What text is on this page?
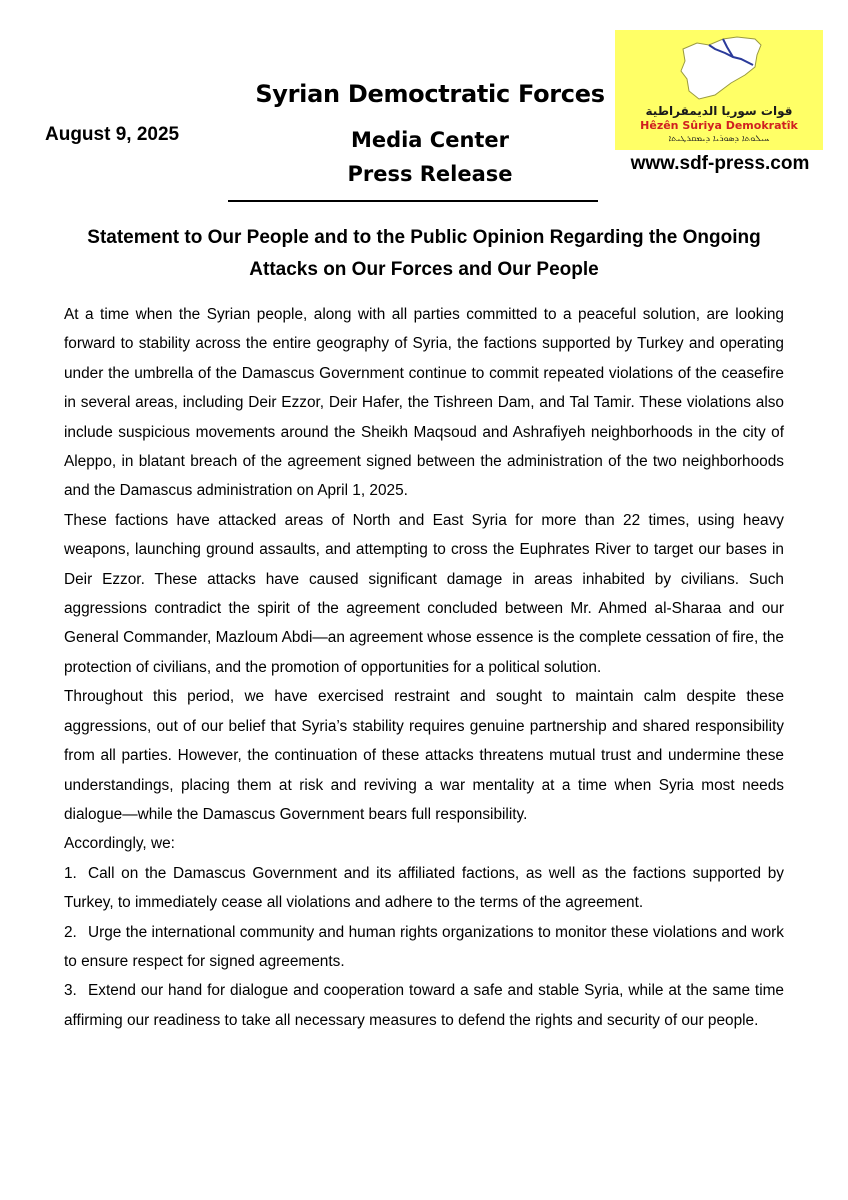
August 9, 2025
Syrian Democtratic Forces
Media Center
Press Release
قوات سوريا الديمقراطية
Hêzên Sûriya Demokratîk
ܚܝܠܘܬܐ ܕܣܘܪܝܐ ܕܝܡܩܪܛܝܬܐ
www.sdf-press.com
Statement to Our People and to the Public Opinion Regarding the Ongoing
Attacks on Our Forces and Our People

At a time when the Syrian people, along with all parties committed to a peaceful solution, are looking forward to stability across the entire geography of Syria, the factions supported by Turkey and operating under the umbrella of the Damascus Government continue to commit repeated violations of the ceasefire in several areas, including Deir Ezzor, Deir Hafer, the Tishreen Dam, and Tal Tamir. These violations also include suspicious movements around the Sheikh Maqsoud and Ashrafiyeh neighborhoods in the city of Aleppo, in blatant breach of the agreement signed between the administration of the two neighborhoods and the Damascus administration on April 1, 2025.

These factions have attacked areas of North and East Syria for more than 22 times, using heavy weapons, launching ground assaults, and attempting to cross the Euphrates River to target our bases in Deir Ezzor. These attacks have caused significant damage in areas inhabited by civilians. Such aggressions contradict the spirit of the agreement concluded between Mr. Ahmed al-Sharaa and our General Commander, Mazloum Abdi—an agreement whose essence is the complete cessation of fire, the protection of civilians, and the promotion of opportunities for a political solution.

Throughout this period, we have exercised restraint and sought to maintain calm despite these aggressions, out of our belief that Syria’s stability requires genuine partnership and shared responsibility from all parties. However, the continuation of these attacks threatens mutual trust and undermine these understandings, placing them at risk and reviving a war mentality at a time when Syria most needs dialogue—while the Damascus Government bears full responsibility.

Accordingly, we:

1. Call on the Damascus Government and its affiliated factions, as well as the factions supported by Turkey, to immediately cease all violations and adhere to the terms of the agreement.
2. Urge the international community and human rights organizations to monitor these violations and work to ensure respect for signed agreements.
3. Extend our hand for dialogue and cooperation toward a safe and stable Syria, while at the same time affirming our readiness to take all necessary measures to defend the rights and security of our people.
